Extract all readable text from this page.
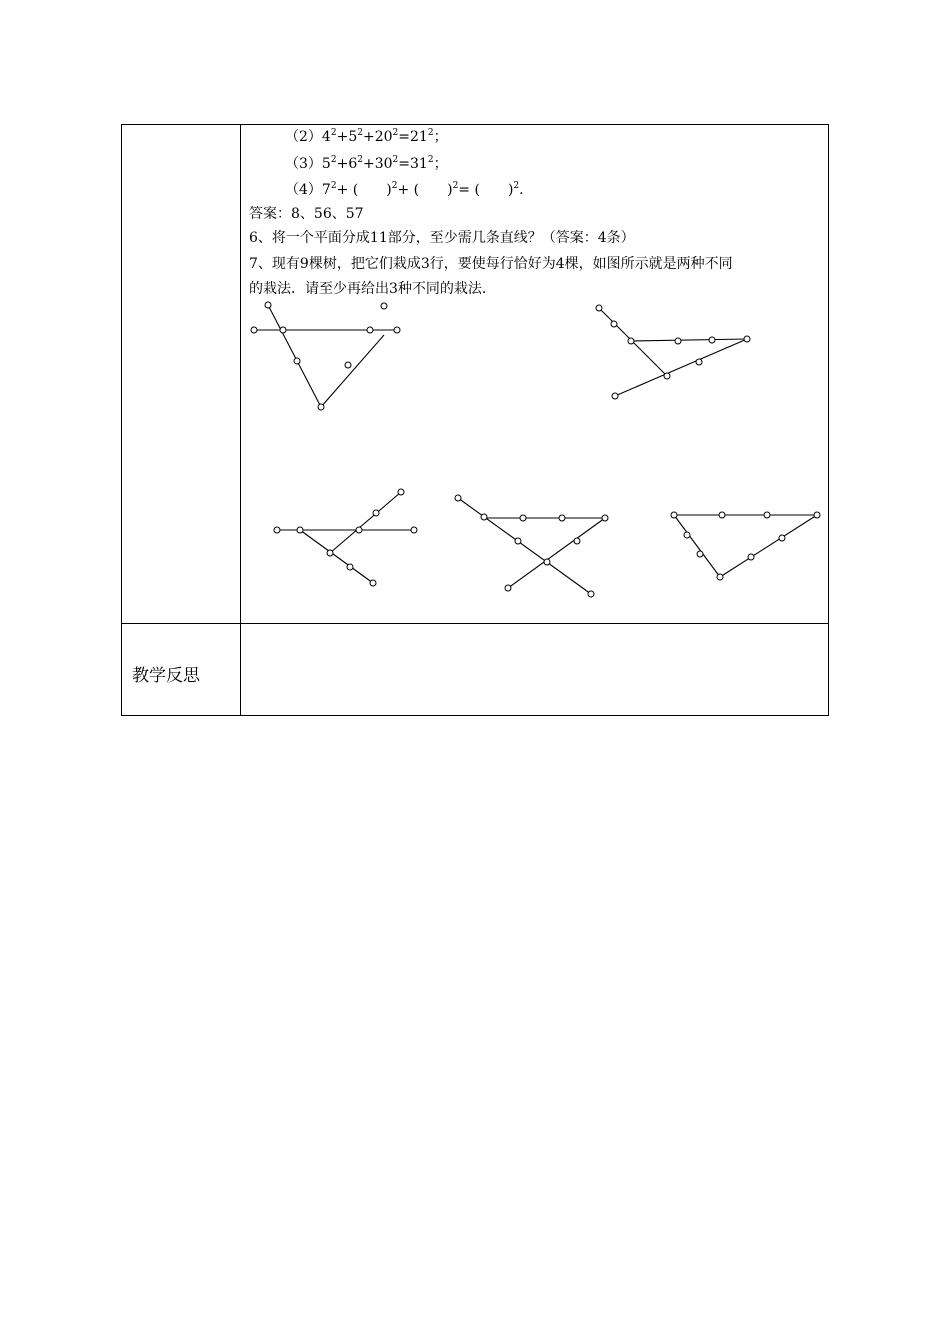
$(2)4^2+5^2+20^2=21^2$；
$(3)5^2+6^2+30^2=31^2$；
$(4)7^2+$ (　　)$^2$+ (　　)$^2$= (　　)$^2$.
答案：8、56、57
6、将一个平面分成11部分，至少需几条直线？（答案：4条）
7、现有9棵树，把它们栽成3行，要使每行恰好为4棵，如图所示就是两种不同
的栽法．请至少再给出3种不同的栽法．
教学反思
